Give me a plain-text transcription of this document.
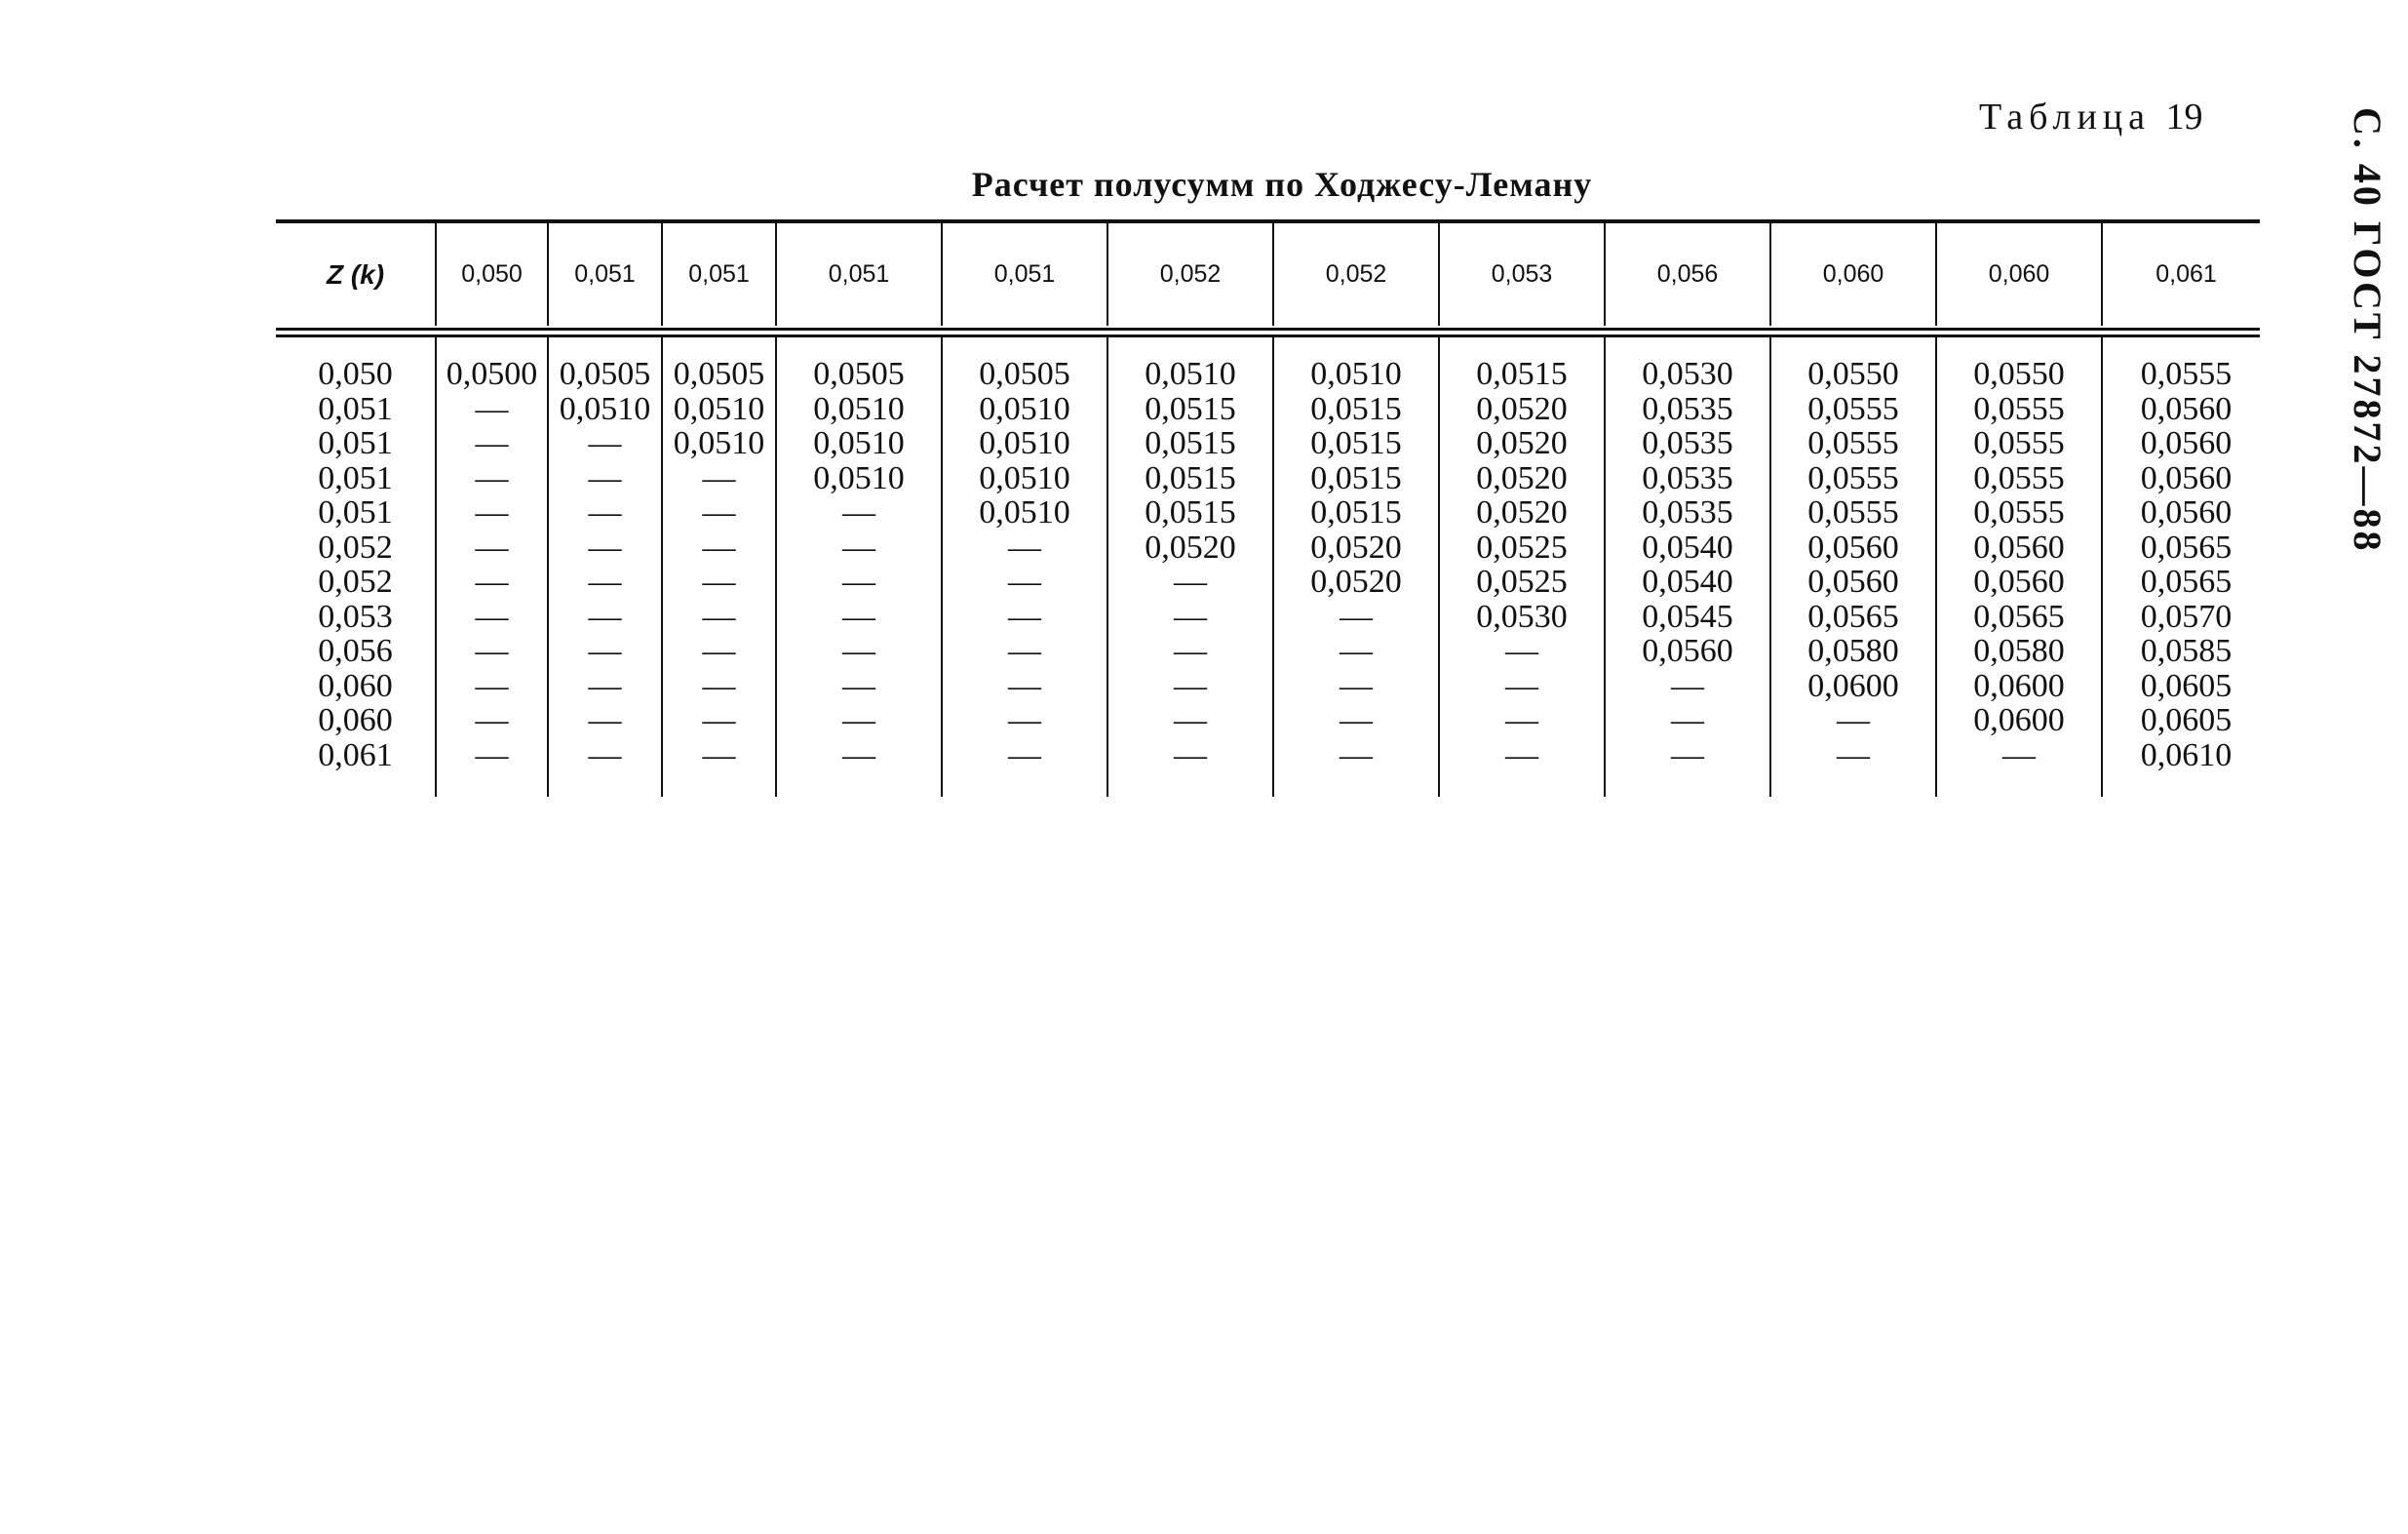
Таблица 19	С. 40 ГОСТ 27872—88
Расчет полусумм по Ходжесу-Леману
Z (k)	0,050	0,051	0,051	0,051	0,051	0,052	0,052	0,053	0,056	0,060	0,060	0,061

0,050	0,0500	0,0505	0,0505	0,0505	0,0505	0,0510	0,0510	0,0515	0,0530	0,0550	0,0550	0,0555
0,051	—	0,0510	0,0510	0,0510	0,0510	0,0515	0,0515	0,0520	0,0535	0,0555	0,0555	0,0560
0,051	—	—	0,0510	0,0510	0,0510	0,0515	0,0515	0,0520	0,0535	0,0555	0,0555	0,0560
0,051	—	—	—	0,0510	0,0510	0,0515	0,0515	0,0520	0,0535	0,0555	0,0555	0,0560
0,051	—	—	—	—	0,0510	0,0515	0,0515	0,0520	0,0535	0,0555	0,0555	0,0560
0,052	—	—	—	—	—	0,0520	0,0520	0,0525	0,0540	0,0560	0,0560	0,0565
0,052	—	—	—	—	—	—	0,0520	0,0525	0,0540	0,0560	0,0560	0,0565
0,053	—	—	—	—	—	—	—	0,0530	0,0545	0,0565	0,0565	0,0570
0,056	—	—	—	—	—	—	—	—	0,0560	0,0580	0,0580	0,0585
0,060	—	—	—	—	—	—	—	—	—	0,0600	0,0600	0,0605
0,060	—	—	—	—	—	—	—	—	—	—	0,0600	0,0605
0,061	—	—	—	—	—	—	—	—	—	—	—	0,0610
